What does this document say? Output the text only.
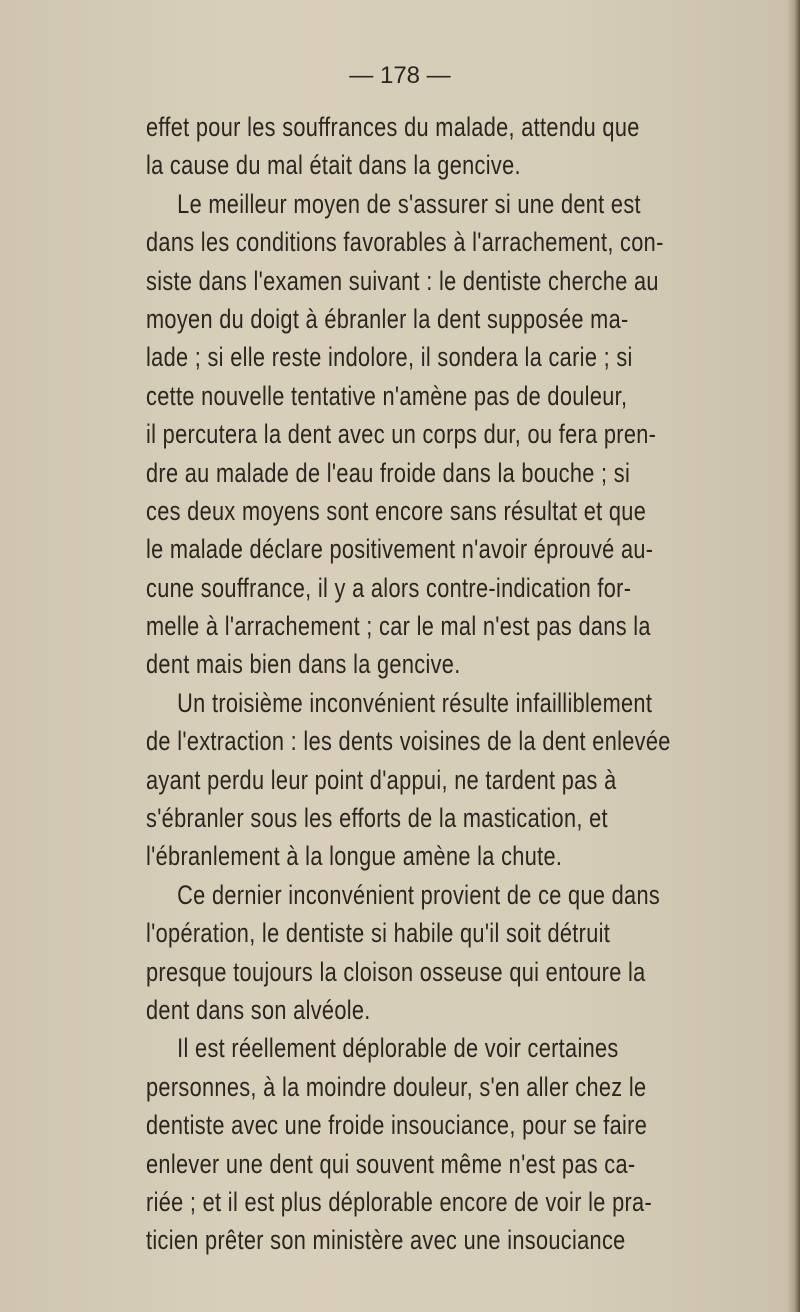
— 178 —
effet pour les souffrances du malade, attendu que
la cause du mal était dans la gencive.
Le meilleur moyen de s'assurer si une dent est
dans les conditions favorables à l'arrachement, con-
siste dans l'examen suivant : le dentiste cherche au
moyen du doigt à ébranler la dent supposée ma-
lade ; si elle reste indolore, il sondera la carie ; si
cette nouvelle tentative n'amène pas de douleur,
il percutera la dent avec un corps dur, ou fera pren-
dre au malade de l'eau froide dans la bouche ; si
ces deux moyens sont encore sans résultat et que
le malade déclare positivement n'avoir éprouvé au-
cune souffrance, il y a alors contre-indication for-
melle à l'arrachement ; car le mal n'est pas dans la
dent mais bien dans la gencive.
Un troisième inconvénient résulte infailliblement
de l'extraction : les dents voisines de la dent enlevée
ayant perdu leur point d'appui, ne tardent pas à
s'ébranler sous les efforts de la mastication, et
l'ébranlement à la longue amène la chute.
Ce dernier inconvénient provient de ce que dans
l'opération, le dentiste si habile qu'il soit détruit
presque toujours la cloison osseuse qui entoure la
dent dans son alvéole.
Il est réellement déplorable de voir certaines
personnes, à la moindre douleur, s'en aller chez le
dentiste avec une froide insouciance, pour se faire
enlever une dent qui souvent même n'est pas ca-
riée ; et il est plus déplorable encore de voir le pra-
ticien prêter son ministère avec une insouciance
